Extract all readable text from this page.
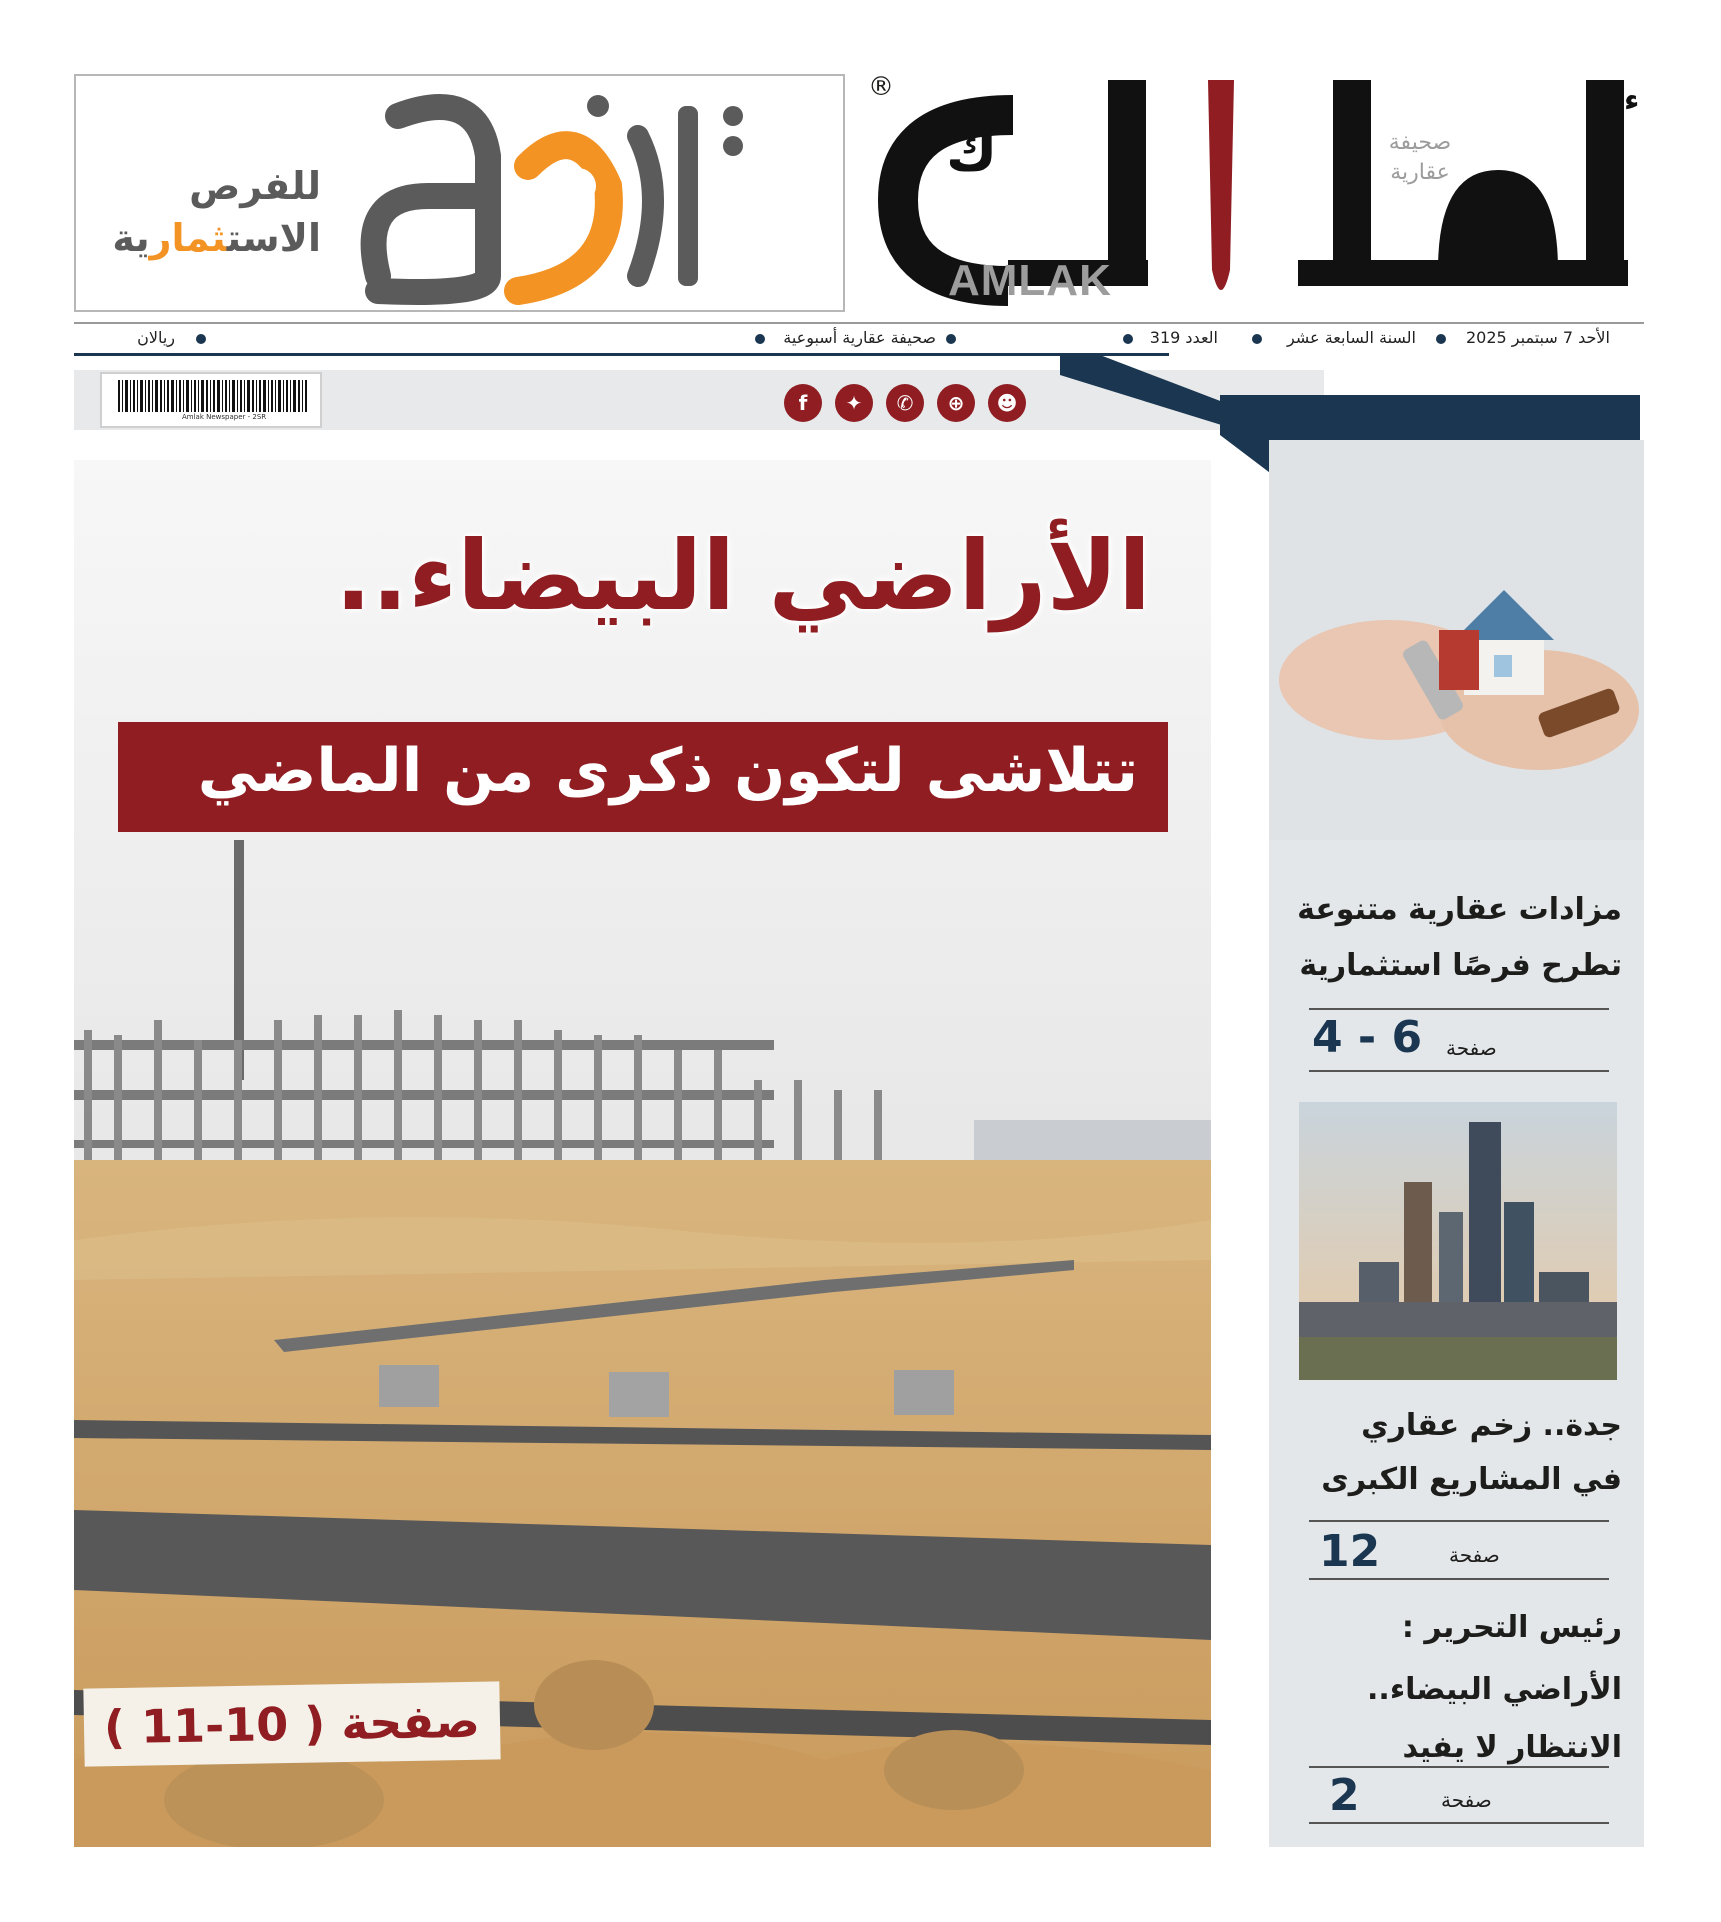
للفرص
الاستثمارية
ك
ء
®
AMLAK
صحيفة
عقارية
الأحد 7 سبتمبر 2025
السنة السابعة عشر
العدد 319
صحيفة عقارية أسبوعية
ريالان
Amlak Newspaper - 2SR
f	✦	✆	⊕	☻
الأراضي البيضاء..
تتلاشى لتكون ذكرى من الماضي
صفحة ( 10-11 )
مزادات عقارية متنوعة
تطرح فرصًا استثمارية
صفحة
4 - 6
جدة.. زخم عقاري
في المشاريع الكبرى
صفحة
12
رئيس التحرير :
الأراضي البيضاء..
الانتظار لا يفيد
صفحة
2
